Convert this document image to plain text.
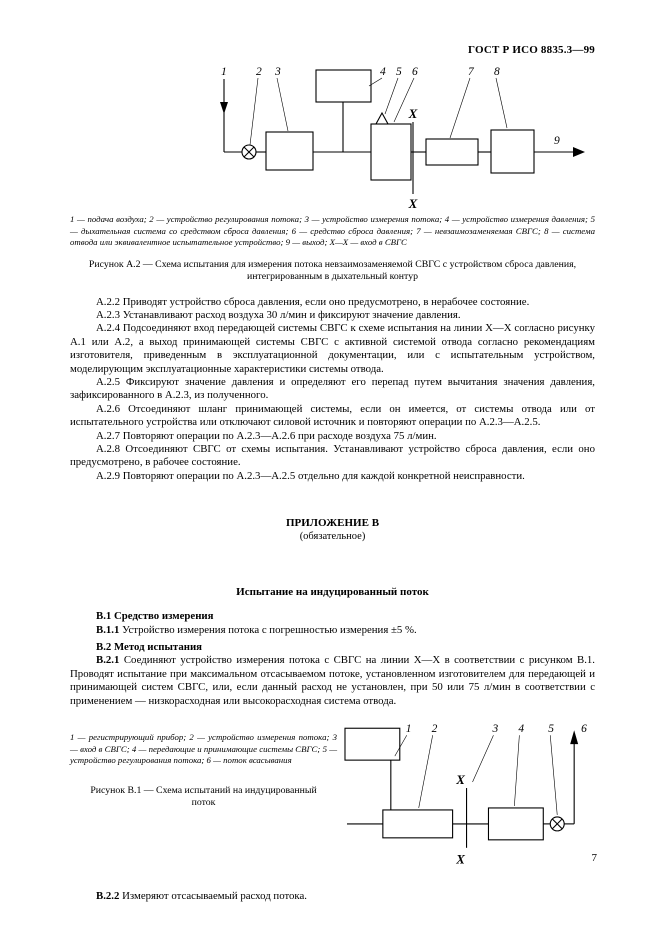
ГОСТ Р ИСО 8835.3—99
X
X
1	2 3	4 5 6	7 8
9
1 — подача воздуха; 2 — устройство регулирования потока; 3 — устройство измерения потока; 4 — устройство измерения давления; 5 — дыхательная система со средством сброса давления; 6 — средство сброса давления; 7 — невзаимозаменяемая СВГС; 8 — система отвода или эквивалентное испытательное устройство; 9 — выход; Х—Х — вход в СВГС
Рисунок А.2 — Схема испытания для измерения потока невзаимозаменяемой СВГС с устройством сброса давления, интегрированным в дыхательный контур

А.2.2 Приводят устройство сброса давления, если оно предусмотрено, в нерабочее состояние.

А.2.3 Устанавливают расход воздуха 30 л/мин и фиксируют значение давления.

А.2.4 Подсоединяют вход передающей системы СВГС к схеме испытания на линии Х—Х согласно рисунку А.1 или А.2, а выход принимающей системы СВГС с активной системой отвода согласно рекомендациям изготовителя, приведенным в эксплуатационной документации, или с испытательным устройством, моделирующим эксплуатационные характеристики системы отвода.

А.2.5 Фиксируют значение давления и определяют его перепад путем вычитания значения давления, зафиксированного в А.2.3, из полученного.

А.2.6 Отсоединяют шланг принимающей системы, если он имеется, от системы отвода или от испытательного устройства или отключают силовой источник и повторяют операции по А.2.3—А.2.5.

А.2.7 Повторяют операции по А.2.3—А.2.6 при расходе воздуха 75 л/мин.

А.2.8 Отсоединяют СВГС от схемы испытания. Устанавливают устройство сброса давления, если оно предусмотрено, в рабочее состояние.

А.2.9 Повторяют операции по А.2.3—А.2.5 отдельно для каждой конкретной неисправности.

ПРИЛОЖЕНИЕ В
(обязательное)
Испытание на индуцированный поток

В.1 Средство измерения

В.1.1 Устройство измерения потока с погрешностью измерения ±5 %.

В.2 Метод испытания

В.2.1 Соединяют устройство измерения потока с СВГС на линии Х—Х в соответствии с рисунком В.1. Проводят испытание при максимальном отсасываемом потоке, установленном изготовителем для передающей и принимающей систем СВГС, или, если данный расход не установлен, при 50 или 75 л/мин в соответствии с применением — низкорасходная или высокорасходная система отвода.

1 — регистрирующий прибор; 2 — устройство измерения потока; 3 — вход в СВГС; 4 — передающие и принимающие системы СВГС; 5 — устройство регулирования потока; 6 — поток всасывания
Рисунок В.1 — Схема испытаний на индуцированный поток
X
X
1 2	3 4 5 6

В.2.2 Измеряют отсасываемый расход потока.

7
